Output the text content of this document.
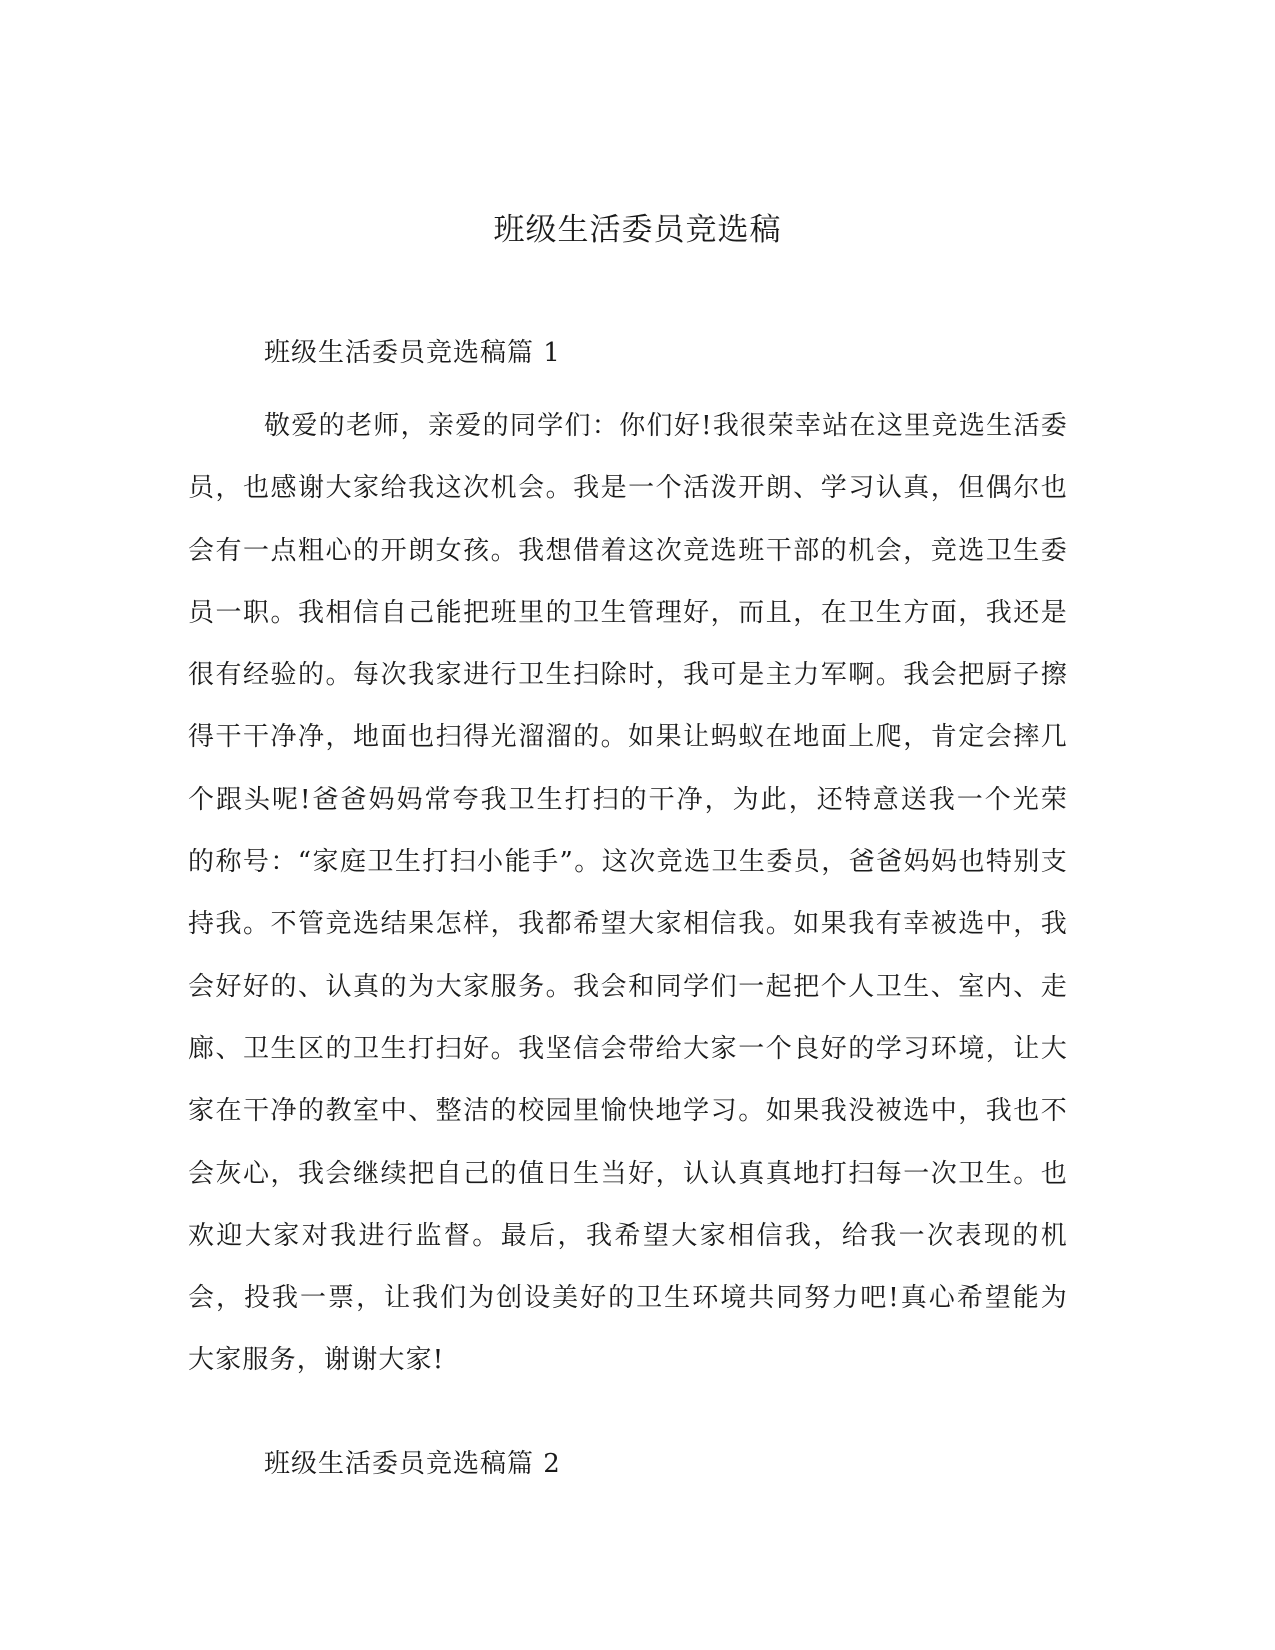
班级生活委员竞选稿
班级生活委员竞选稿篇 1

敬爱的老师，亲爱的同学们：你们好!我很荣幸站在这里竞选生活委员，也感谢大家给我这次机会。我是一个活泼开朗、学习认真，但偶尔也会有一点粗心的开朗女孩。我想借着这次竞选班干部的机会，竞选卫生委员一职。我相信自己能把班里的卫生管理好，而且，在卫生方面，我还是很有经验的。每次我家进行卫生扫除时，我可是主力军啊。我会把厨子擦得干干净净，地面也扫得光溜溜的。如果让蚂蚁在地面上爬，肯定会摔几个跟头呢!爸爸妈妈常夸我卫生打扫的干净，为此，还特意送我一个光荣的称号：“家庭卫生打扫小能手”。这次竞选卫生委员，爸爸妈妈也特别支持我。不管竞选结果怎样，我都希望大家相信我。如果我有幸被选中，我会好好的、认真的为大家服务。我会和同学们一起把个人卫生、室内、走廊、卫生区的卫生打扫好。我坚信会带给大家一个良好的学习环境，让大家在干净的教室中、整洁的校园里愉快地学习。如果我没被选中，我也不会灰心，我会继续把自己的值日生当好，认认真真地打扫每一次卫生。也欢迎大家对我进行监督。最后，我希望大家相信我，给我一次表现的机会，投我一票，让我们为创设美好的卫生环境共同努力吧!真心希望能为大家服务，谢谢大家!

班级生活委员竞选稿篇 2
